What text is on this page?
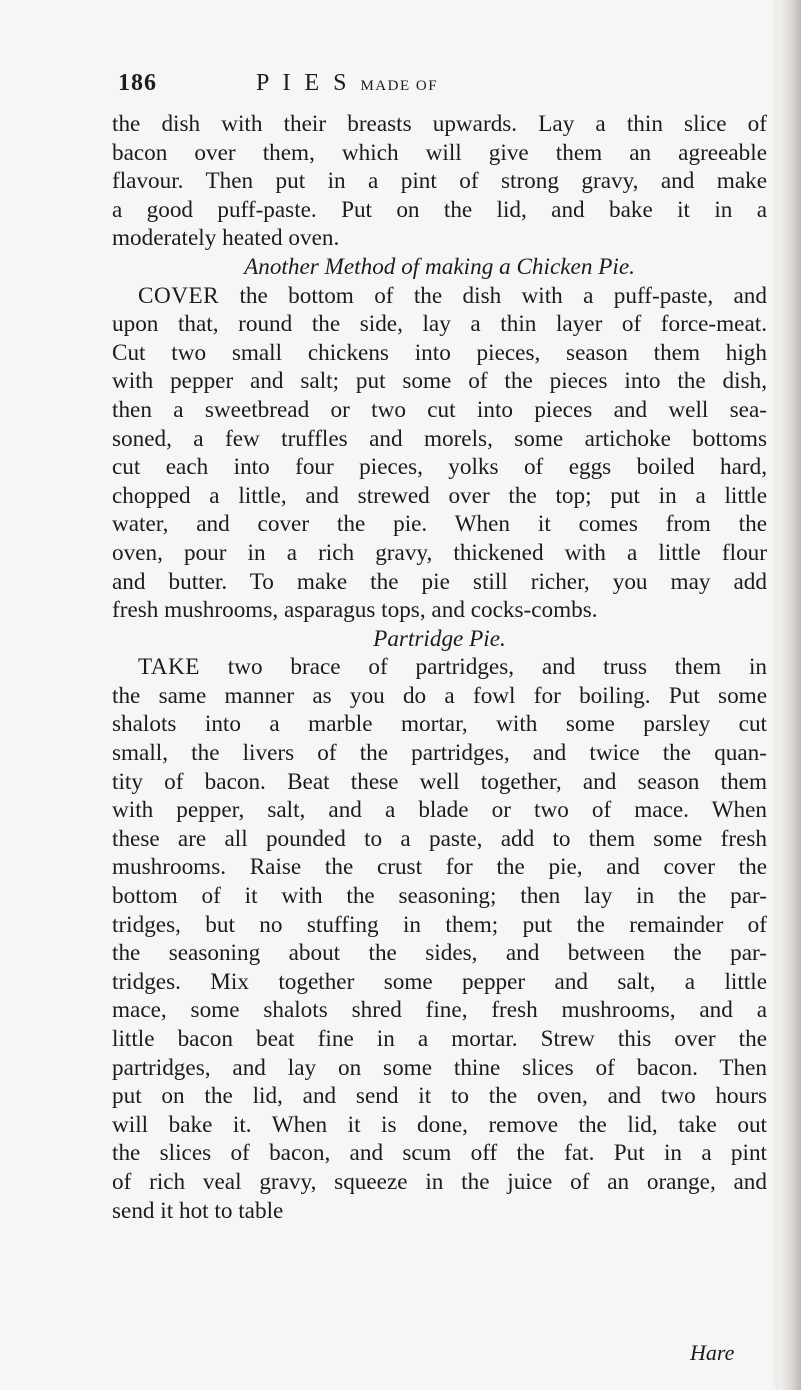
186	P I E S MADE OF
the dish with their breasts upwards. Lay a thin slice of
bacon over them, which will give them an agreeable
flavour. Then put in a pint of strong gravy, and make
a good puff-paste. Put on the lid, and bake it in a
moderately heated oven.
Another Method of making a Chicken Pie.
COVER the bottom of the dish with a puff-paste, and
upon that, round the side, lay a thin layer of force-meat.
Cut two small chickens into pieces, season them high
with pepper and salt; put some of the pieces into the dish,
then a sweetbread or two cut into pieces and well sea-
soned, a few truffles and morels, some artichoke bottoms
cut each into four pieces, yolks of eggs boiled hard,
chopped a little, and strewed over the top; put in a little
water, and cover the pie. When it comes from the
oven, pour in a rich gravy, thickened with a little flour
and butter. To make the pie still richer, you may add
fresh mushrooms, asparagus tops, and cocks-combs.
Partridge Pie.
TAKE two brace of partridges, and truss them in
the same manner as you do a fowl for boiling. Put some
shalots into a marble mortar, with some parsley cut
small, the livers of the partridges, and twice the quan-
tity of bacon. Beat these well together, and season them
with pepper, salt, and a blade or two of mace. When
these are all pounded to a paste, add to them some fresh
mushrooms. Raise the crust for the pie, and cover the
bottom of it with the seasoning; then lay in the par-
tridges, but no stuffing in them; put the remainder of
the seasoning about the sides, and between the par-
tridges. Mix together some pepper and salt, a little
mace, some shalots shred fine, fresh mushrooms, and a
little bacon beat fine in a mortar. Strew this over the
partridges, and lay on some thine slices of bacon. Then
put on the lid, and send it to the oven, and two hours
will bake it. When it is done, remove the lid, take out
the slices of bacon, and scum off the fat. Put in a pint
of rich veal gravy, squeeze in the juice of an orange, and
send it hot to table
Hare
